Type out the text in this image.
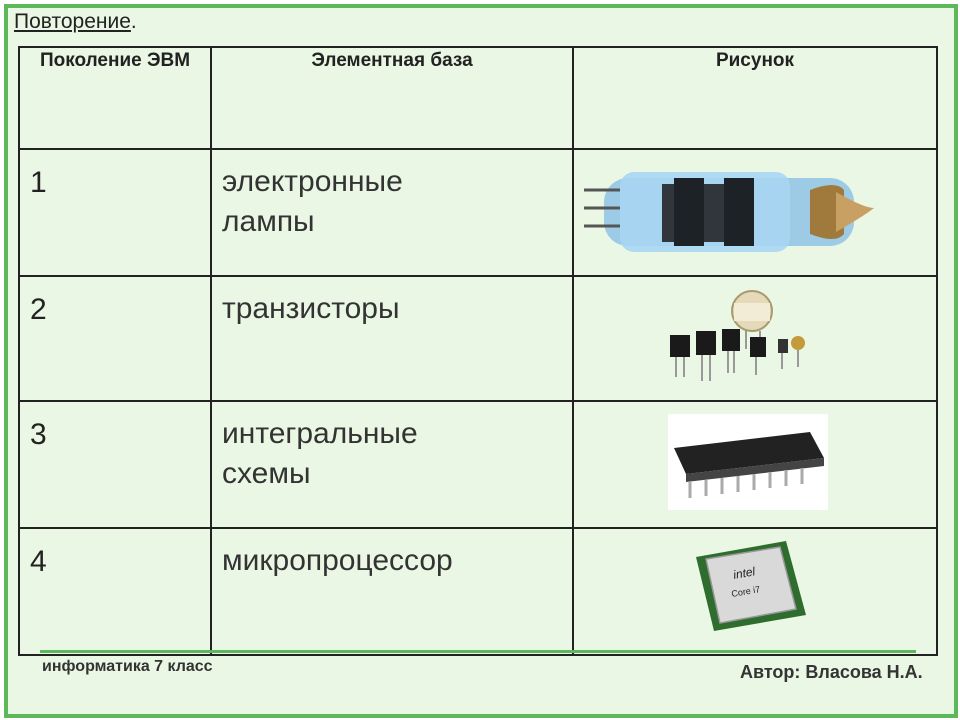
Повторение.
Поколение ЭВМ	Элементная база	Рисунок
1	электронные
лампы

2	транзисторы

3	интегральные
схемы

4	микропроцессор	intel
Core i7
информатика 7 класс	Автор: Власова Н.А.
